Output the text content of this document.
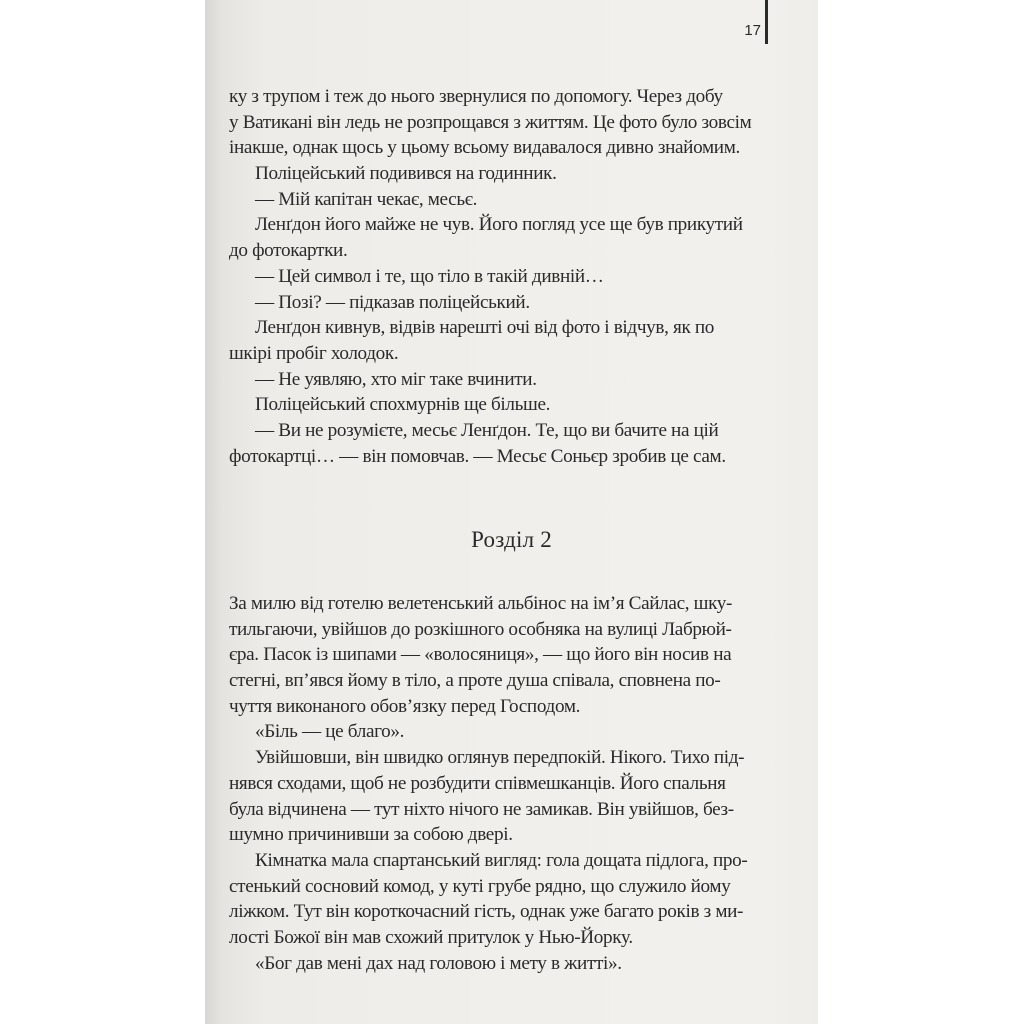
17
ку з трупом і теж до нього звернулися по допомогу. Через добу
у Ватикані він ледь не розпрощався з життям. Це фото було зовсім
інакше, однак щось у цьому всьому видавалося дивно знайомим.
Поліцейський подивився на годинник.
— Мій капітан чекає, месьє.
Ленґдон його майже не чув. Його погляд усе ще був прикутий
до фотокартки.
— Цей символ і те, що тіло в такій дивній…
— Позі? — підказав поліцейський.
Ленґдон кивнув, відвів нарешті очі від фото і відчув, як по
шкірі пробіг холодок.
— Не уявляю, хто міг таке вчинити.
Поліцейський спохмурнів ще більше.
— Ви не розумієте, месьє Ленґдон. Те, що ви бачите на цій
фотокартці… — він помовчав. — Месьє Соньєр зробив це сам.
Розділ 2
За милю від готелю велетенський альбінос на ім’я Сайлас, шку-
тильгаючи, увійшов до розкішного особняка на вулиці Лабрюй-
єра. Пасок із шипами — «волосяниця», — що його він носив на
стегні, вп’явся йому в тіло, а проте душа співала, сповнена по-
чуття виконаного обов’язку перед Господом.
«Біль — це благо».
Увійшовши, він швидко оглянув передпокій. Нікого. Тихо під-
нявся сходами, щоб не розбудити співмешканців. Його спальня
була відчинена — тут ніхто нічого не замикав. Він увійшов, без-
шумно причинивши за собою двері.
Кімнатка мала спартанський вигляд: гола дощата підлога, про-
стенький сосновий комод, у куті грубе рядно, що служило йому
ліжком. Тут він короткочасний гість, однак уже багато років з ми-
лості Божої він мав схожий притулок у Нью-Йорку.
«Бог дав мені дах над головою і мету в житті».
